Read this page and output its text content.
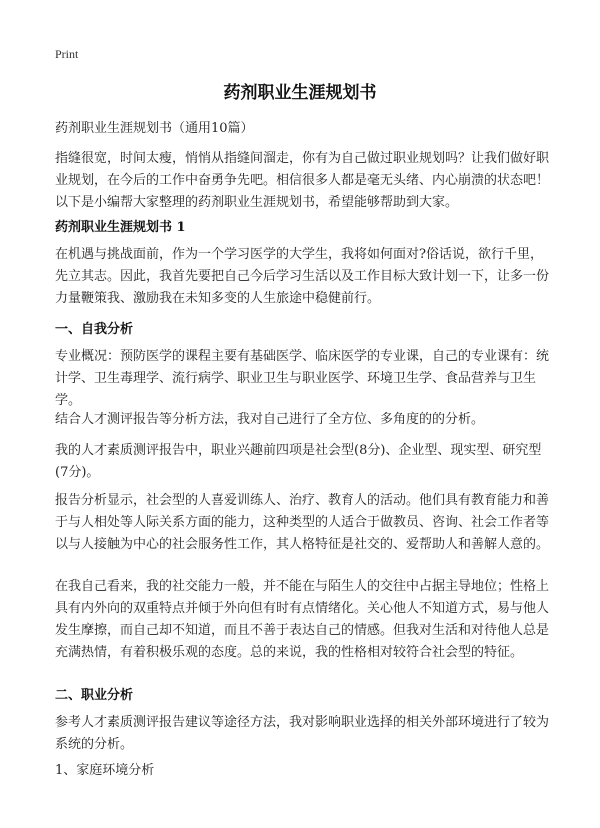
Print
药剂职业生涯规划书

药剂职业生涯规划书（通用10篇）

指缝很宽，时间太瘦，悄悄从指缝间溜走，你有为自己做过职业规划吗？让我们做好职业规划，在今后的工作中奋勇争先吧。相信很多人都是毫无头绪、内心崩溃的状态吧！以下是小编帮大家整理的药剂职业生涯规划书，希望能够帮助到大家。

药剂职业生涯规划书 1

在机遇与挑战面前，作为一个学习医学的大学生，我将如何面对?俗话说，欲行千里，先立其志。因此，我首先要把自己今后学习生活以及工作目标大致计划一下，让多一份力量鞭策我、激励我在未知多变的人生旅途中稳健前行。

一、自我分析

专业概况：预防医学的课程主要有基础医学、临床医学的专业课，自己的专业课有：统计学、卫生毒理学、流行病学、职业卫生与职业医学、环境卫生学、食品营养与卫生学。

结合人才测评报告等分析方法，我对自己进行了全方位、多角度的的分析。

我的人才素质测评报告中，职业兴趣前四项是社会型(8分)、企业型、现实型、研究型(7分)。

报告分析显示，社会型的人喜爱训练人、治疗、教育人的活动。他们具有教育能力和善于与人相处等人际关系方面的能力，这种类型的人适合于做教员、咨询、社会工作者等以与人接触为中心的社会服务性工作，其人格特征是社交的、爱帮助人和善解人意的。

在我自己看来，我的社交能力一般，并不能在与陌生人的交往中占据主导地位；性格上具有内外向的双重特点并倾于外向但有时有点情绪化。关心他人不知道方式，易与他人发生摩擦，而自己却不知道，而且不善于表达自己的情感。但我对生活和对待他人总是充满热情，有着积极乐观的态度。总的来说，我的性格相对较符合社会型的特征。

二、职业分析

参考人才素质测评报告建议等途径方法，我对影响职业选择的相关外部环境进行了较为系统的分析。

1、家庭环境分析
